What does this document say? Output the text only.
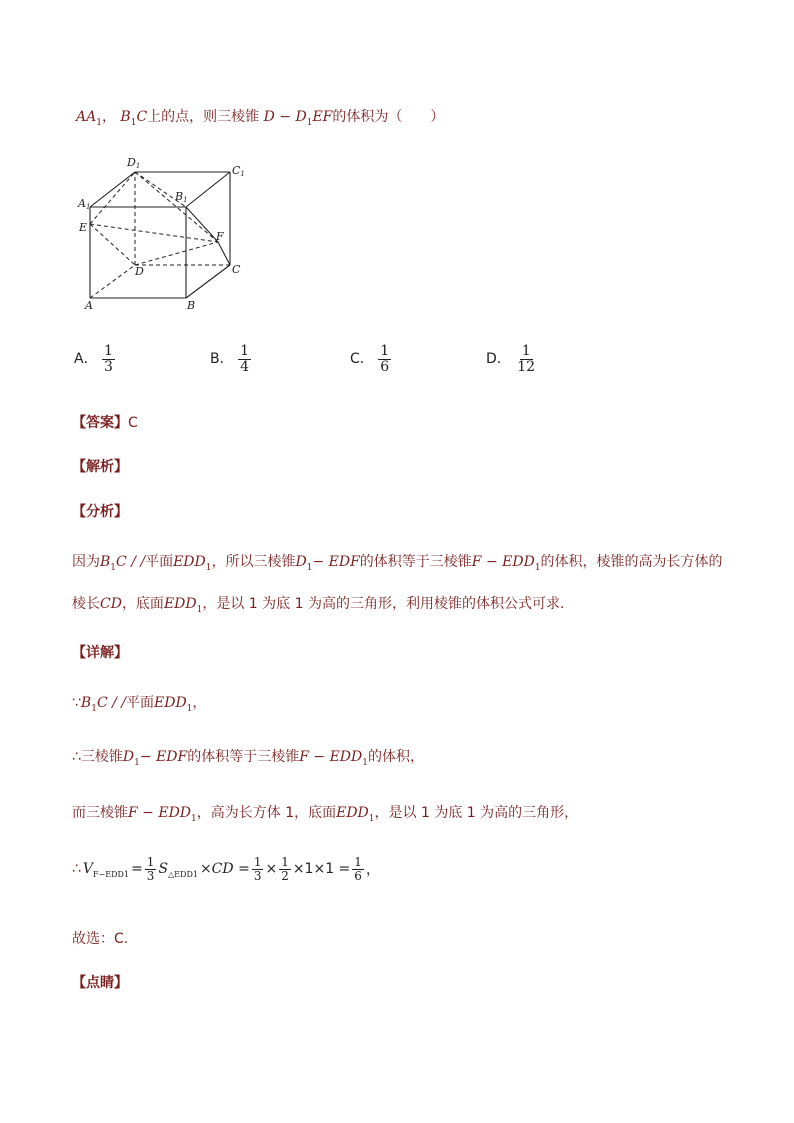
$AA_1$， $B_1C$上的点，则三棱锥 $D - D_1EF$的体积为（　　）
D1	C1
A1
B1
E
F
D	C
A	B
A． $\frac{1}{3}$	B． $\frac{1}{4}$	C． $\frac{1}{6}$	D． $\frac{1}{12}$
【答案】C
【解析】
【分析】
因为$B_1C$ / /平面$EDD_1$，所以三棱锥$D_1-$ EDF的体积等于三棱锥$F - EDD_1$的体积，棱锥的高为长方体的
棱长CD，底面$EDD_1$，是以 1 为底 1 为高的三角形，利用棱锥的体积公式可求.
【详解】
$\because B_1C$ / /平面$EDD_1$，
∴三棱锥$D_1-$ EDF的体积等于三棱锥$F - EDD_1$的体积，
而三棱锥$F - EDD_1$，高为长方体 1，底面$EDD_1$，是以 1 为底 1 为高的三角形，
∴ $V_{F-EDD1} = \frac{1}{3} S_{\triangle EDD1} \times CD = \frac{1}{3} \times \frac{1}{2} \times 1\times 1 = \frac{1}{6}$ ，
故选：C.
【点睛】
